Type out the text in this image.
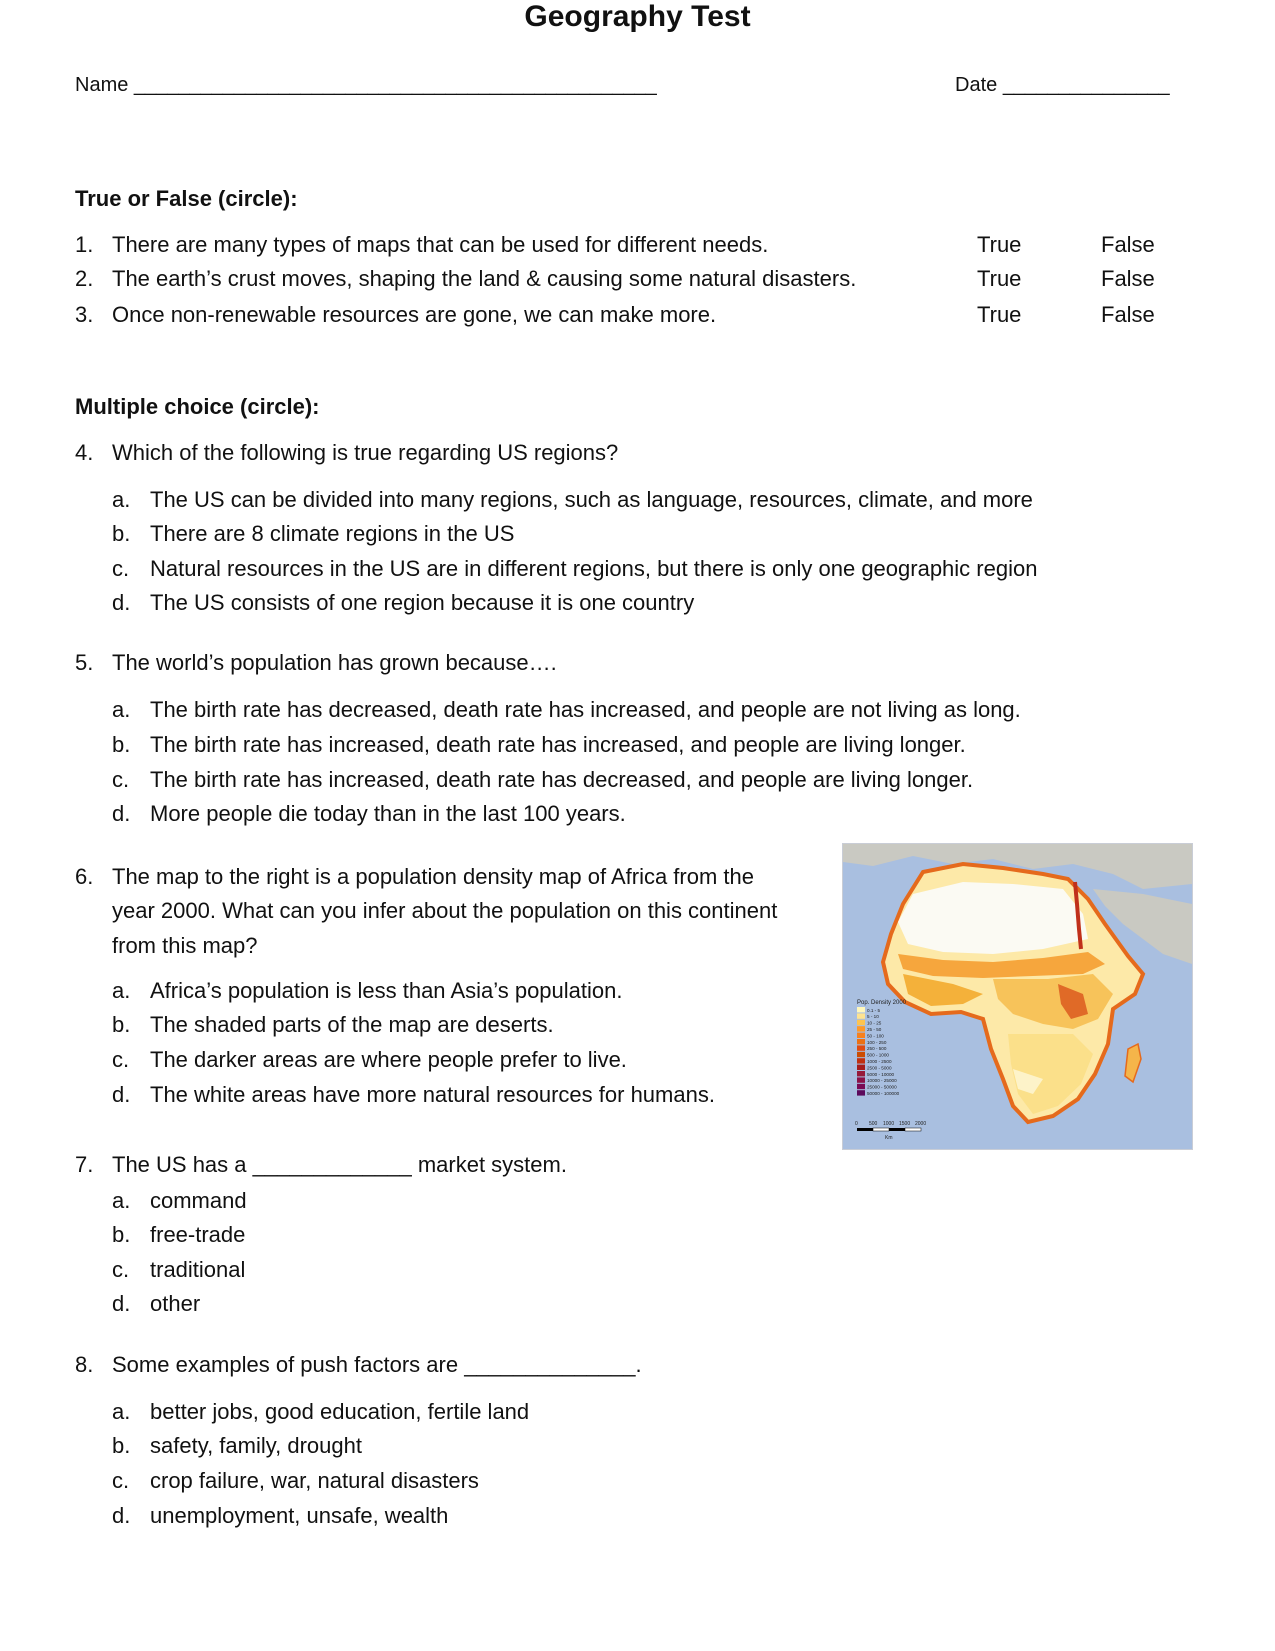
Name _______________________________________________	Date _______________
Geography Test
True or False (circle):
1. There are many types of maps that can be used for different needs.	True	False
2. The earth’s crust moves, shaping the land & causing some natural disasters.	True	False
3. Once non-renewable resources are gone, we can make more.	True	False
Multiple choice (circle):
4. Which of the following is true regarding US regions?
a. The US can be divided into many regions, such as language, resources, climate, and more
b. There are 8 climate regions in the US
c. Natural resources in the US are in different regions, but there is only one geographic region
d. The US consists of one region because it is one country
5. The world’s population has grown because….
a. The birth rate has decreased, death rate has increased, and people are not living as long.
b. The birth rate has increased, death rate has increased, and people are living longer.
c. The birth rate has increased, death rate has decreased, and people are living longer.
d. More people die today than in the last 100 years.
6. The map to the right is a population density map of Africa from the
year 2000. What can you infer about the population on this continent
from this map?
a. Africa’s population is less than Asia’s population.
b. The shaded parts of the map are deserts.
c. The darker areas are where people prefer to live.
d. The white areas have more natural resources for humans.
Pop. Density 2000
0.1 - 5
5 - 10
10 - 25
25 - 50
50 - 100
100 - 250
250 - 500
500 - 1000
1000 - 2500
2500 - 5000
5000 - 10000
10000 - 25000
25000 - 50000
50000 - 100000
0 500 1000 1500 2000
Km
7. The US has a _____________ market system.
a. command
b. free-trade
c. traditional
d. other
8. Some examples of push factors are ______________.
a. better jobs, good education, fertile land
b. safety, family, drought
c. crop failure, war, natural disasters
d. unemployment, unsafe, wealth
